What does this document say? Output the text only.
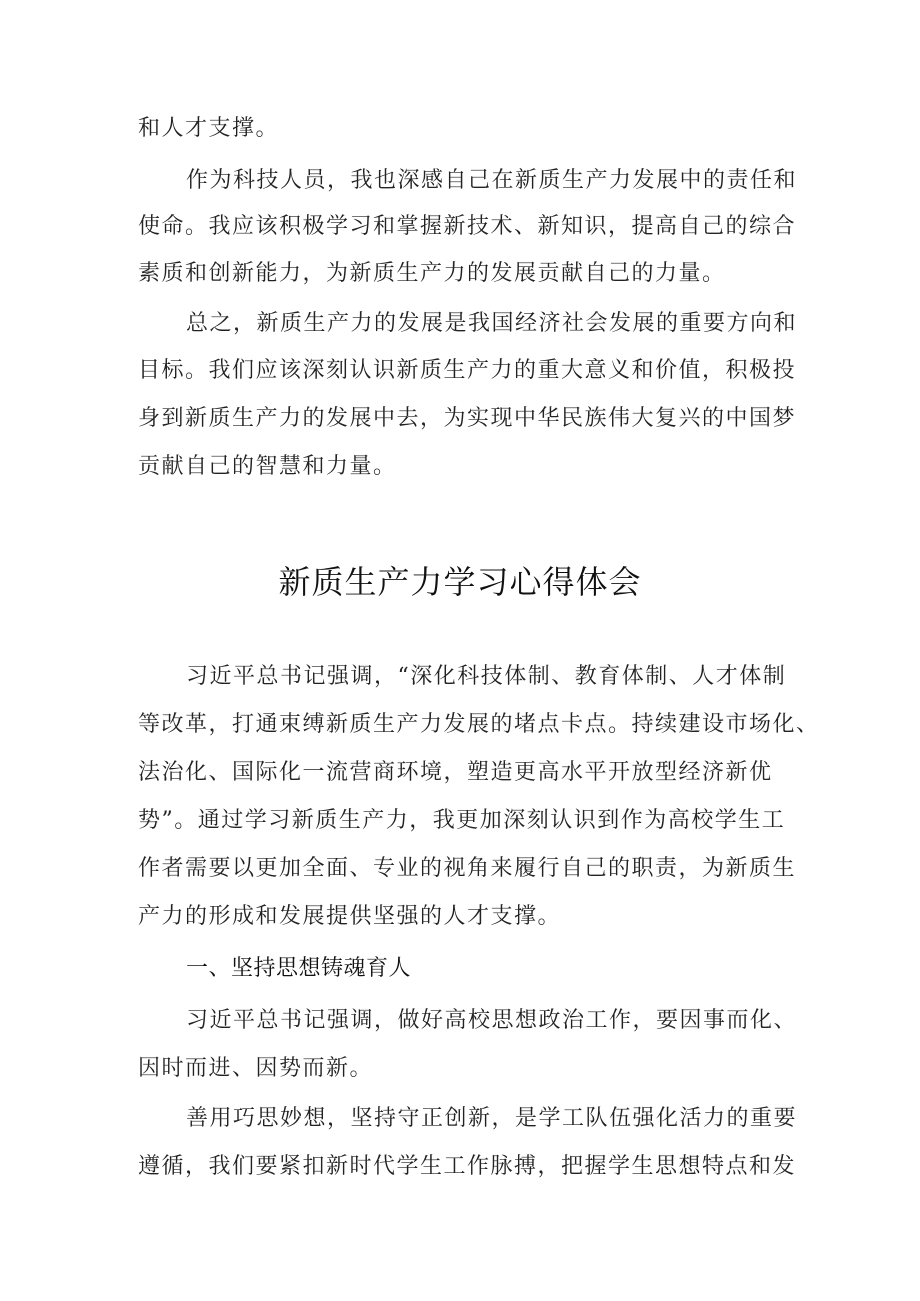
和人才支撑。
作为科技人员，我也深感自己在新质生产力发展中的责任和
使命。我应该积极学习和掌握新技术、新知识，提高自己的综合
素质和创新能力，为新质生产力的发展贡献自己的力量。
总之，新质生产力的发展是我国经济社会发展的重要方向和
目标。我们应该深刻认识新质生产力的重大意义和价值，积极投
身到新质生产力的发展中去，为实现中华民族伟大复兴的中国梦
贡献自己的智慧和力量。
新质生产力学习心得体会
习近平总书记强调，“深化科技体制、教育体制、人才体制
等改革，打通束缚新质生产力发展的堵点卡点。持续建设市场化、
法治化、国际化一流营商环境，塑造更高水平开放型经济新优
势”。通过学习新质生产力，我更加深刻认识到作为高校学生工
作者需要以更加全面、专业的视角来履行自己的职责，为新质生
产力的形成和发展提供坚强的人才支撑。
一、坚持思想铸魂育人
习近平总书记强调，做好高校思想政治工作，要因事而化、
因时而进、因势而新。
善用巧思妙想，坚持守正创新，是学工队伍强化活力的重要
遵循，我们要紧扣新时代学生工作脉搏，把握学生思想特点和发
